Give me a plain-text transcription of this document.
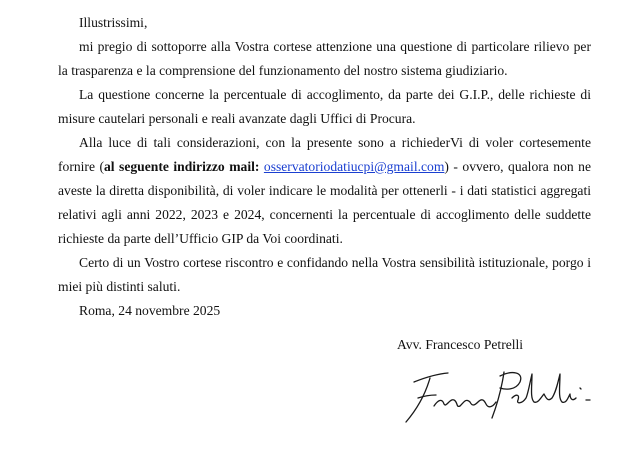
Illustrissimi,

mi pregio di sottoporre alla Vostra cortese attenzione una questione di particolare rilievo per la trasparenza e la comprensione del funzionamento del nostro sistema giudiziario.

La questione concerne la percentuale di accoglimento, da parte dei G.I.P., delle richieste di misure cautelari personali e reali avanzate dagli Uffici di Procura.

Alla luce di tali considerazioni, con la presente sono a richiederVi di voler cortesemente fornire (al seguente indirizzo mail: osservatoriodatiucpi@gmail.com) - ovvero, qualora non ne aveste la diretta disponibilità, di voler indicare le modalità per ottenerli - i dati statistici aggregati relativi agli anni 2022, 2023 e 2024, concernenti la percentuale di accoglimento delle suddette richieste da parte dell’Ufficio GIP da Voi coordinati.

Certo di un Vostro cortese riscontro e confidando nella Vostra sensibilità istituzionale, porgo i miei più distinti saluti.

Roma, 24 novembre 2025

Avv. Francesco Petrelli
